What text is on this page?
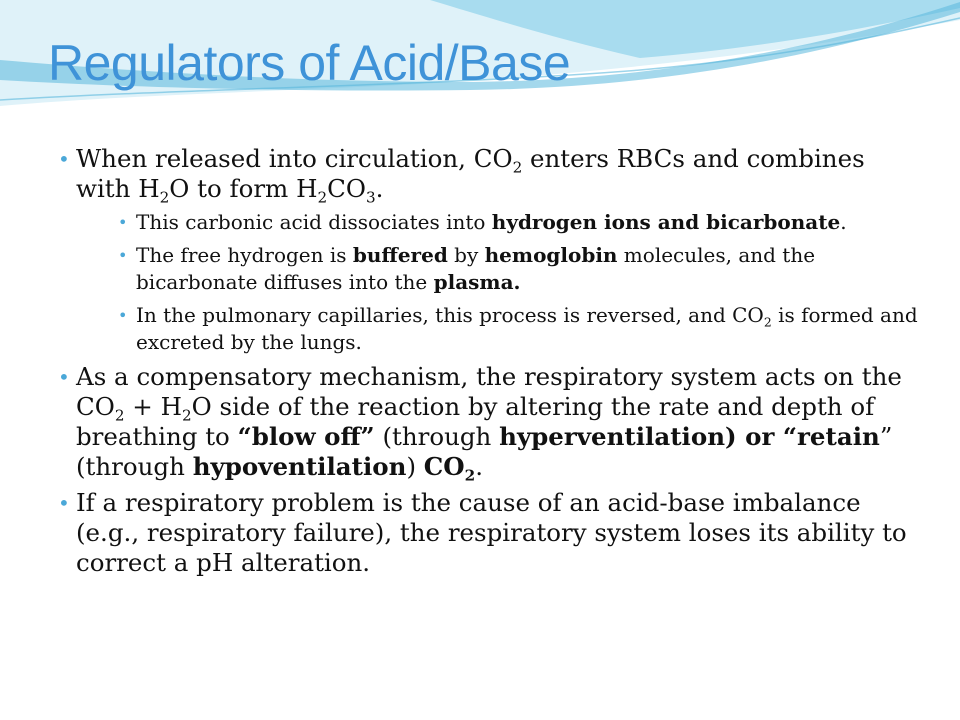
Regulators of Acid/Base
• When released into circulation, $CO_2$ enters RBCs and combines with $H_2O$ to form $H_2CO_3$.
• This carbonic acid dissociates into hydrogen ions and bicarbonate.
• The free hydrogen is buffered by hemoglobin molecules, and the bicarbonate diffuses into the plasma.
• In the pulmonary capillaries, this process is reversed, and $CO_2$ is formed and excreted by the lungs.
• As a compensatory mechanism, the respiratory system acts on the $CO_2 + H_2O$ side of the reaction by altering the rate and depth of breathing to “blow off” (through hyperventilation) or “retain” (through hypoventilation) $CO_2$.
• If a respiratory problem is the cause of an acid-base imbalance (e.g., respiratory failure), the respiratory system loses its ability to correct a pH alteration.
